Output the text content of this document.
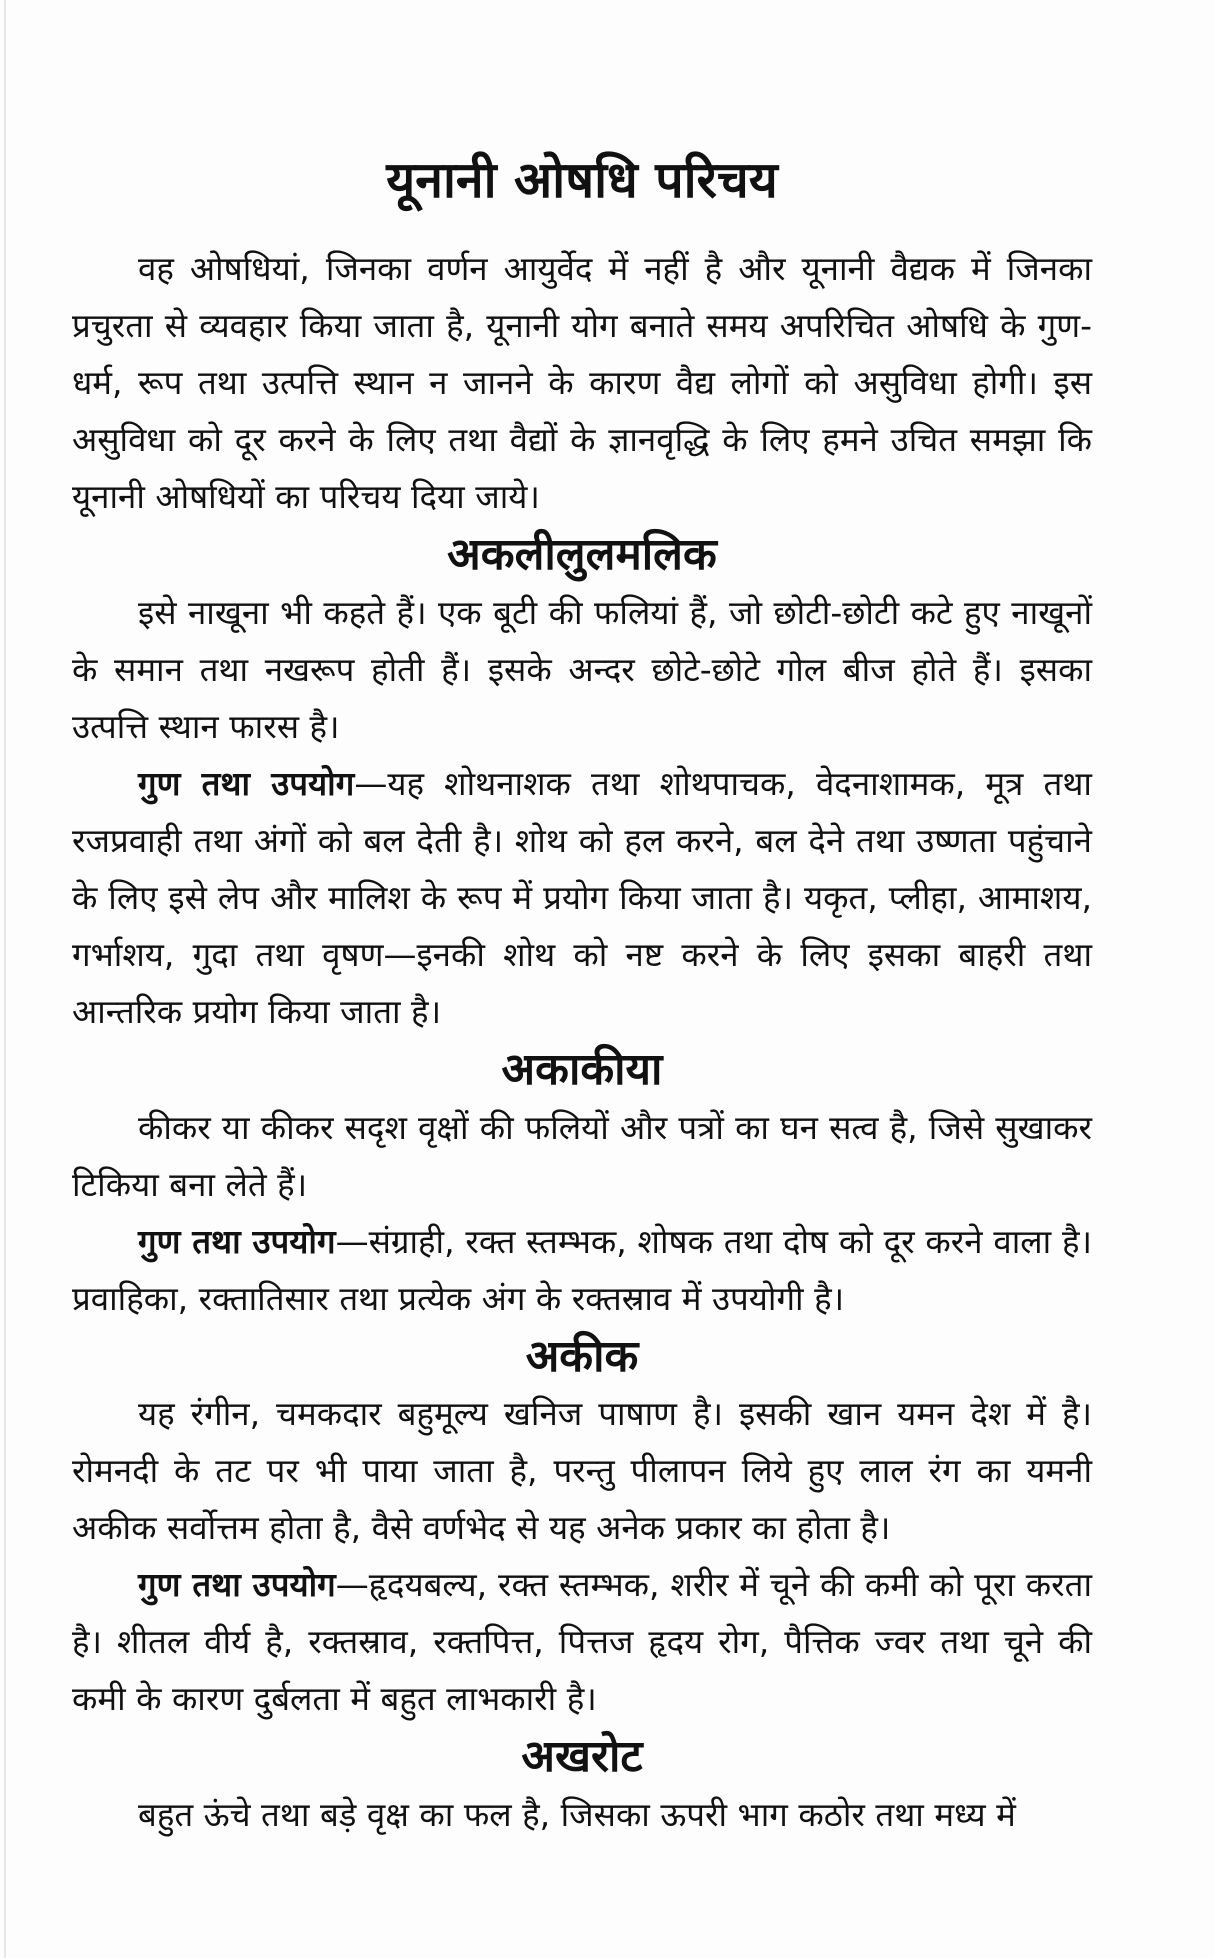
यूनानी ओषधि परिचय

वह ओषधियां, जिनका वर्णन आयुर्वेद में नहीं है और यूनानी वैद्यक में जिनका प्रचुरता से व्यवहार किया जाता है, यूनानी योग बनाते समय अपरिचित ओषधि के गुण-धर्म, रूप तथा उत्पत्ति स्थान न जानने के कारण वैद्य लोगों को असुविधा होगी। इस असुविधा को दूर करने के लिए तथा वैद्यों के ज्ञानवृद्धि के लिए हमने उचित समझा कि यूनानी ओषधियों का परिचय दिया जाये।

अकलीलुलमलिक

इसे नाखूना भी कहते हैं। एक बूटी की फलियां हैं, जो छोटी-छोटी कटे हुए नाखूनों के समान तथा नखरूप होती हैं। इसके अन्दर छोटे-छोटे गोल बीज होते हैं। इसका उत्पत्ति स्थान फारस है।

गुण तथा उपयोग—यह शोथनाशक तथा शोथपाचक, वेदनाशामक, मूत्र तथा रजप्रवाही तथा अंगों को बल देती है। शोथ को हल करने, बल देने तथा उष्णता पहुंचाने के लिए इसे लेप और मालिश के रूप में प्रयोग किया जाता है। यकृत, प्लीहा, आमाशय, गर्भाशय, गुदा तथा वृषण—इनकी शोथ को नष्ट करने के लिए इसका बाहरी तथा आन्तरिक प्रयोग किया जाता है।

अकाकीया

कीकर या कीकर सदृश वृक्षों की फलियों और पत्रों का घन सत्व है, जिसे सुखाकर टिकिया बना लेते हैं।

गुण तथा उपयोग—संग्राही, रक्त स्तम्भक, शोषक तथा दोष को दूर करने वाला है। प्रवाहिका, रक्तातिसार तथा प्रत्येक अंग के रक्तस्राव में उपयोगी है।

अकीक

यह रंगीन, चमकदार बहुमूल्य खनिज पाषाण है। इसकी खान यमन देश में है। रोमनदी के तट पर भी पाया जाता है, परन्तु पीलापन लिये हुए लाल रंग का यमनी अकीक सर्वोत्तम होता है, वैसे वर्णभेद से यह अनेक प्रकार का होता है।

गुण तथा उपयोग—हृदयबल्य, रक्त स्तम्भक, शरीर में चूने की कमी को पूरा करता है। शीतल वीर्य है, रक्तस्राव, रक्तपित्त, पित्तज हृदय रोग, पैत्तिक ज्वर तथा चूने की कमी के कारण दुर्बलता में बहुत लाभकारी है।

अखरोट

बहुत ऊंचे तथा बड़े वृक्ष का फल है, जिसका ऊपरी भाग कठोर तथा मध्य में
